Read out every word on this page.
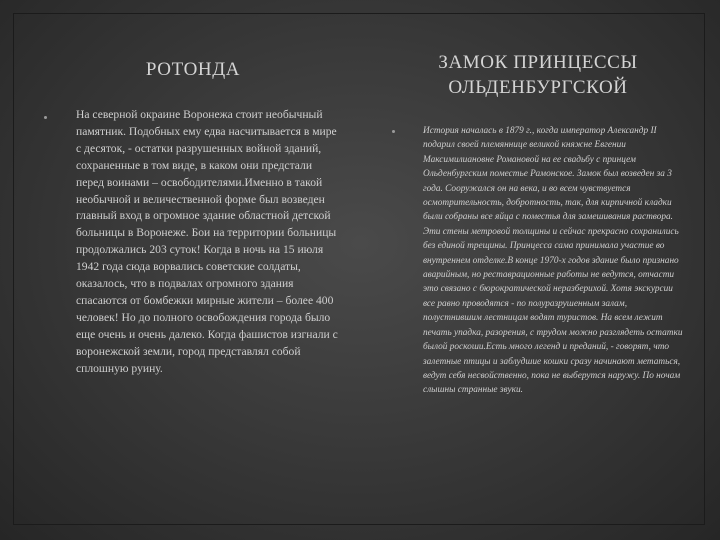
РОТОНДА

На северной окраине Воронежа стоит необычный памятник. Подобных ему едва насчитывается в мире с десяток, - остатки разрушенных войной зданий, сохраненные в том виде, в каком они предстали перед воинами – освободителями.Именно в такой необычной и величественной форме был возведен главный вход в огромное здание областной детской больницы в Воронеже. Бои на территории больницы продолжались 203 суток! Когда в ночь на 15 июля 1942 года сюда ворвались советские солдаты, оказалось, что в подвалах огромного здания спасаются от бомбежки мирные жители – более 400 человек! Но до полного освобождения города было еще очень и очень далеко. Когда фашистов изгнали с воронежской земли, город представлял собой сплошную руину.

ЗАМОК ПРИНЦЕССЫ ОЛЬДЕНБУРГСКОЙ

История началась в 1879 г., когда император Александр II подарил своей племяннице великой княжне Евгении Максимилиановне Романовой на ее свадьбу с принцем Ольденбургским поместье Рамонское. Замок был возведен за 3 года. Сооружался он на века, и во всем чувствуется осмотрительность, добротность, так, для кирпичной кладки были собраны все яйца с поместья для замешивания раствора. Эти стены метровой толщины и сейчас прекрасно сохранились без единой трещины. Принцесса сама принимала участие во внутреннем отделке.В конце 1970-х годов здание было признано аварийным, но реставрационные работы не ведутся, отчасти это связано с бюрократической неразберихой. Хотя экскурсии все равно проводятся - по полуразрушенным залам, полустнившим лестницам водят туристов. На всем лежит печать упадка, разорения, с трудом можно разглядеть остатки былой роскоши.Есть много легенд и преданий, - говорят, что залетные птицы и заблудшие кошки сразу начинают метаться, ведут себя несвойственно, пока не выберутся наружу. По ночам слышны странные звуки.
